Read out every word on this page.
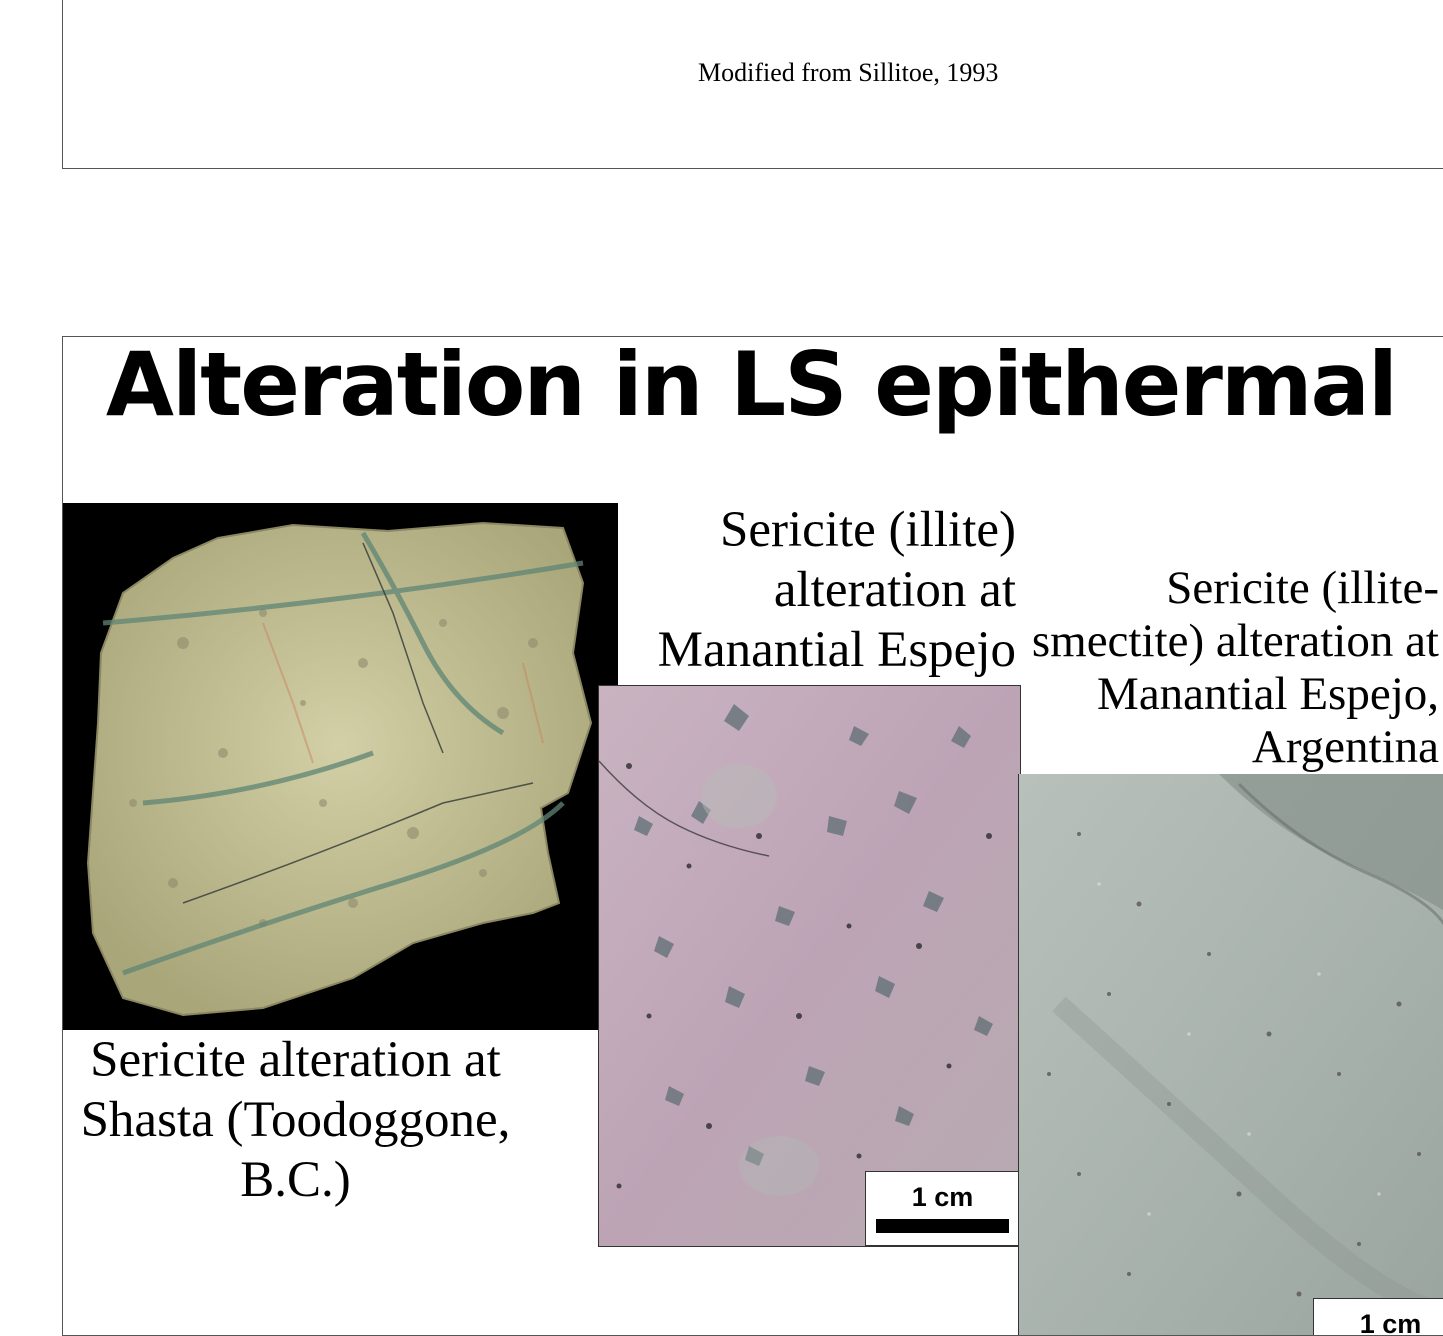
Modified from Sillitoe, 1993
Alteration in LS epithermal
Sericite alteration at Shasta (Toodoggone, B.C.)
Sericite (illite) alteration at Manantial Espejo
1 cm
Sericite (illite-smectite) alteration at Manantial Espejo, Argentina
1 cm
